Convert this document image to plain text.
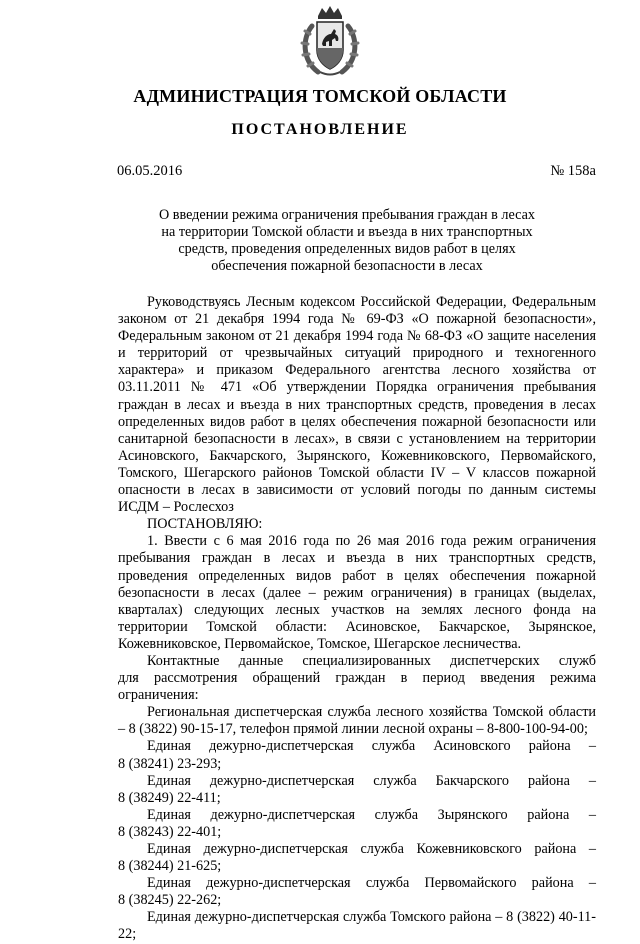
АДМИНИСТРАЦИЯ ТОМСКОЙ ОБЛАСТИ
ПОСТАНОВЛЕНИЕ
06.05.2016	№ 158а
О введении режима ограничения пребывания граждан в лесах
на территории Томской области и въезда в них транспортных
средств, проведения определенных видов работ в целях
обеспечения пожарной безопасности в лесах

Руководствуясь Лесным кодексом Российской Федерации, Федеральным законом от 21 декабря 1994 года № 69-ФЗ «О пожарной безопасности», Федеральным законом от 21 декабря 1994 года № 68-ФЗ «О защите населения и территорий от чрезвычайных ситуаций природного и техногенного характера» и приказом Федерального агентства лесного хозяйства от 03.11.2011 № 471 «Об утверждении Порядка ограничения пребывания граждан в лесах и въезда в них транспортных средств, проведения в лесах определенных видов работ в целях обеспечения пожарной безопасности или санитарной безопасности в лесах», в связи с установлением на территории Асиновского, Бакчарского, Зырянского, Кожевниковского, Первомайского, Томского, Шегарского районов Томской области IV – V классов пожарной опасности в лесах в зависимости от условий погоды по данным системы ИСДМ – Рослесхоз

ПОСТАНОВЛЯЮ:

1. Ввести с 6 мая 2016 года по 26 мая 2016 года режим ограничения пребывания граждан в лесах и въезда в них транспортных средств, проведения определенных видов работ в целях обеспечения пожарной безопасности в лесах (далее – режим ограничения) в границах (выделах, кварталах) следующих лесных участков на землях лесного фонда на территории Томской области: Асиновское, Бакчарское, Зырянское, Кожевниковское, Первомайское, Томское, Шегарское лесничества.

Контактные данные специализированных диспетчерских служб

для рассмотрения обращений граждан в период введения режима ограничения:

Региональная диспетчерская служба лесного хозяйства Томской области – 8 (3822) 90-15-17, телефон прямой линии лесной охраны – 8-800-100-94-00;

Единая дежурно-диспетчерская служба Асиновского района –

8 (38241) 23-293;

Единая дежурно-диспетчерская служба Бакчарского района –

8 (38249) 22-411;

Единая дежурно-диспетчерская служба Зырянского района –

8 (38243) 22-401;

Единая дежурно-диспетчерская служба Кожевниковского района –

8 (38244) 21-625;

Единая дежурно-диспетчерская служба Первомайского района –

8 (38245) 22-262;

Единая дежурно-диспетчерская служба Томского района – 8 (3822) 40-11-22;
